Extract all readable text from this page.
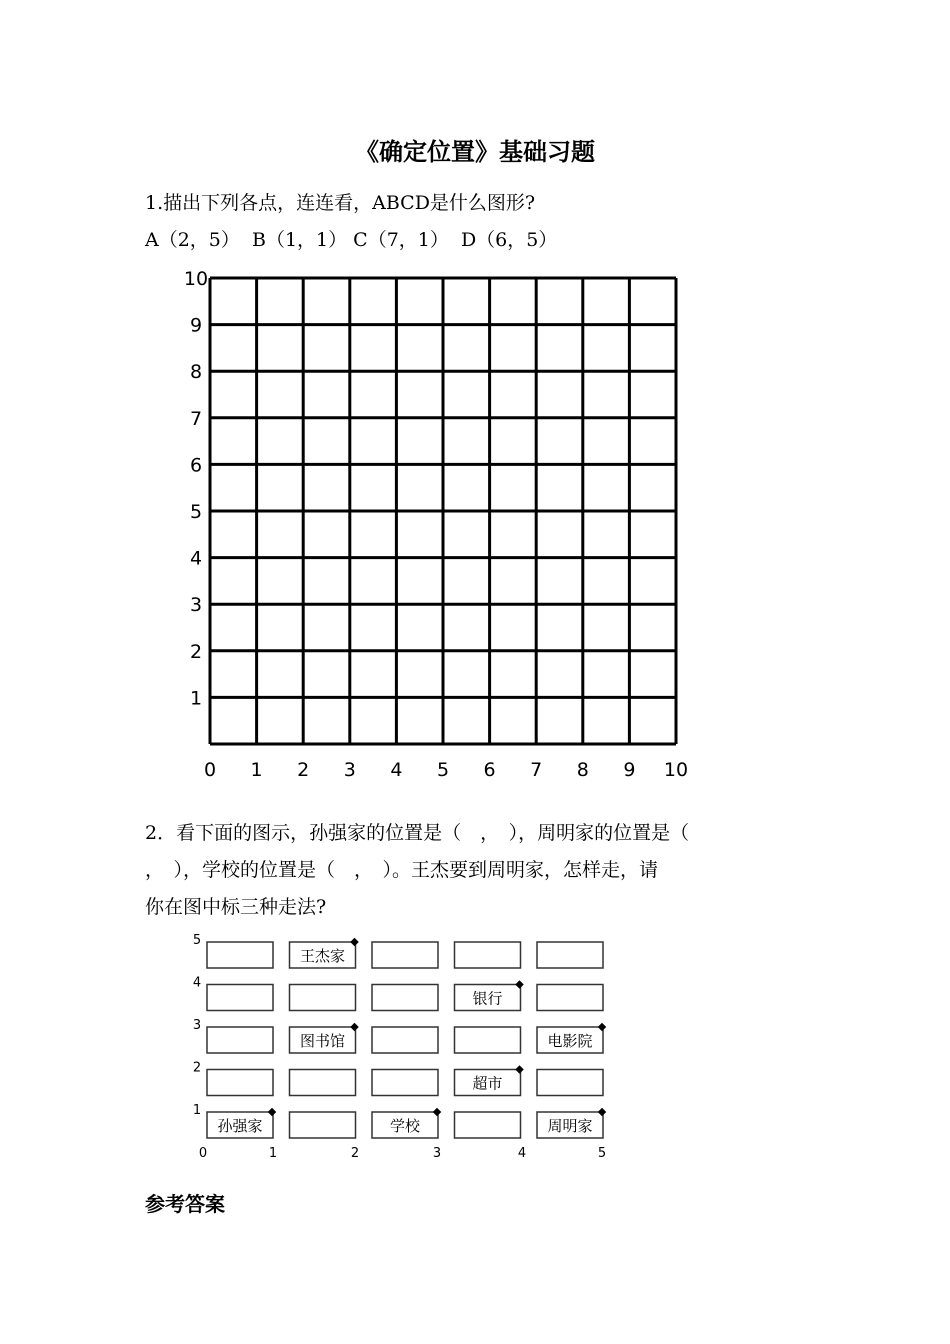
《确定位置》基础习题
1.描出下列各点，连连看，ABCD是什么图形?
A（2，5）  B（1，1） C（7，1）  D（6，5）
0 1 2 3 4 5 6 7 8 9 10
1
2
3
4
5
6
7
8
9
10
2．看下面的图示，孙强家的位置是（　，　），周明家的位置是（
，　），学校的位置是（　，　）。王杰要到周明家，怎样走，请
你在图中标三种走法?
王杰家
银行
图书馆	电影院
超市
孙强家	学校	周明家
1
2
3
4
5
0	1	2	3	4	5
参考答案
